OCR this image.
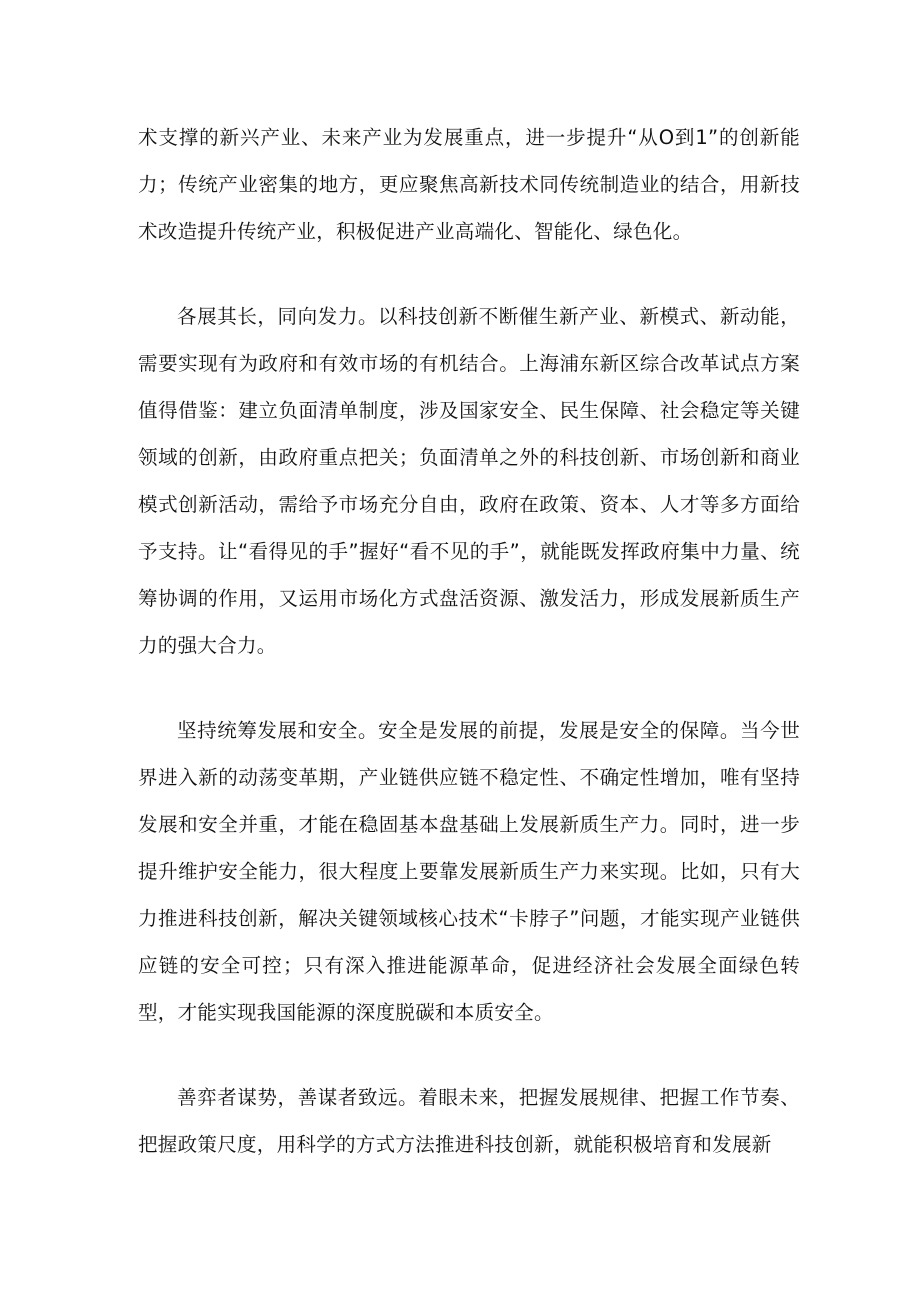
术支撑的新兴产业、未来产业为发展重点，进一步提升“从O到1”的创新能力；传统产业密集的地方，更应聚焦高新技术同传统制造业的结合，用新技术改造提升传统产业，积极促进产业高端化、智能化、绿色化。

各展其长，同向发力。以科技创新不断催生新产业、新模式、新动能，需要实现有为政府和有效市场的有机结合。上海浦东新区综合改革试点方案值得借鉴：建立负面清单制度，涉及国家安全、民生保障、社会稳定等关键领域的创新，由政府重点把关；负面清单之外的科技创新、市场创新和商业模式创新活动，需给予市场充分自由，政府在政策、资本、人才等多方面给予支持。让“看得见的手”握好“看不见的手”，就能既发挥政府集中力量、统筹协调的作用，又运用市场化方式盘活资源、激发活力，形成发展新质生产力的强大合力。

坚持统筹发展和安全。安全是发展的前提，发展是安全的保障。当今世界进入新的动荡变革期，产业链供应链不稳定性、不确定性增加，唯有坚持发展和安全并重，才能在稳固基本盘基础上发展新质生产力。同时，进一步提升维护安全能力，很大程度上要靠发展新质生产力来实现。比如，只有大力推进科技创新，解决关键领域核心技术“卡脖子”问题，才能实现产业链供应链的安全可控；只有深入推进能源革命，促进经济社会发展全面绿色转型，才能实现我国能源的深度脱碳和本质安全。

善弈者谋势，善谋者致远。着眼未来，把握发展规律、把握工作节奏、把握政策尺度，用科学的方式方法推进科技创新，就能积极培育和发展新
